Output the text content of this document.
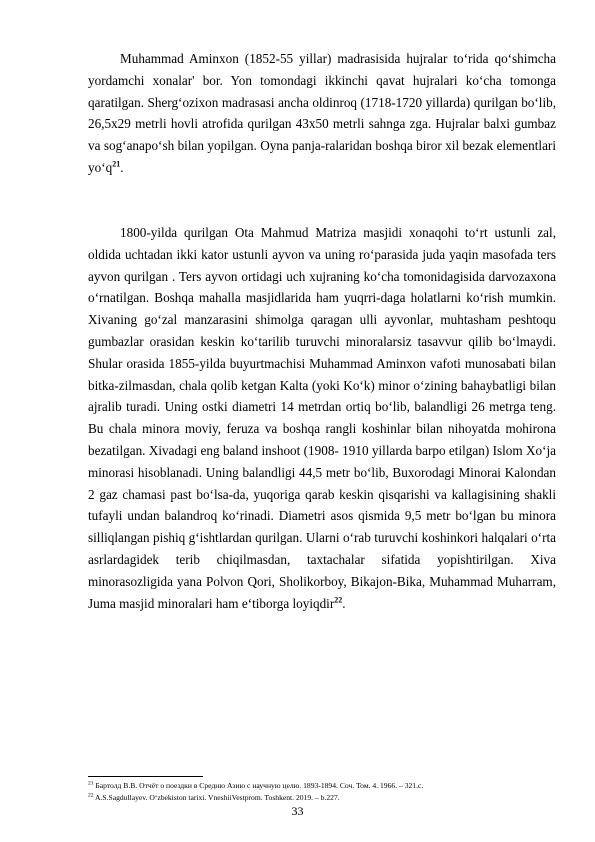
Muhammad Aminxon (1852-55 yillar) madrasisida hujralar to‘rida qo‘shimcha yordamchi xonalar' bor. Yon tomondagi ikkinchi qavat hujralari ko‘cha tomonga qaratilgan. Sherg‘ozixon madrasasi ancha oldinroq (1718-1720 yillarda) qurilgan bo‘lib, 26,5x29 metrli hovli atrofida qurilgan 43x50 metrli sahnga zga. Hujralar balxi gumbaz va sog‘anapo‘sh bilan yopilgan. Oyna panja-ralaridan boshqa biror xil bezak elementlari $yo‘q^{21}$.

1800-yilda qurilgan Ota Mahmud Matriza masjidi xonaqohi to‘rt ustunli zal, oldida uchtadan ikki kator ustunli ayvon va uning ro‘parasida juda yaqin masofada ters ayvon qurilgan . Ters ayvon ortidagi uch xujraning ko‘cha tomonidagisida darvozaxona o‘rnatilgan. Boshqa mahalla masjidlarida ham yuqrri-daga holatlarni ko‘rish mumkin. Xivaning go‘zal manzarasini shimolga qaragan ulli ayvonlar, muhtasham peshtoqu gumbazlar orasidan keskin ko‘tarilib turuvchi minoralarsiz tasavvur qilib bo‘lmaydi. Shular orasida 1855-yilda buyurtmachisi Muhammad Aminxon vafoti munosabati bilan bitka-zilmasdan, chala qolib ketgan Kalta (yoki Ko‘k) minor o‘zining bahaybatligi bilan ajralib turadi. Uning ostki diametri 14 metrdan ortiq bo‘lib, balandligi 26 metrga teng. Bu chala minora moviy, feruza va boshqa rangli koshinlar bilan nihoyatda mohirona bezatilgan. Xivadagi eng baland inshoot (1908- 1910 yillarda barpo etilgan) Islom Xo‘ja minorasi hisoblanadi. Uning balandligi 44,5 metr bo‘lib, Buxorodagi Minorai Kalondan 2 gaz chamasi past bo‘lsa-da, yuqoriga qarab keskin qisqarishi va kallagisining shakli tufayli undan balandroq ko‘rinadi. Diametri asos qismida 9,5 metr bo‘lgan bu minora silliqlangan pishiq g‘ishtlardan qurilgan. Ularni o‘rab turuvchi koshinkori halqalari o‘rta asrlardagidek terib chiqilmasdan, taxtachalar sifatida yopishtirilgan. Xiva minorasozligida yana Polvon Qori, Sholikorboy, Bikajon-Bika, Muhammad Muharram, Juma masjid minoralari ham e‘tiborga loyiqdir$^{22}$.

$^{21}$ Бартолд В.В. Отчёт о поездки в Средню Азию с научную целю. 1893-1894. Соч. Том. 4. 1966. – 321.с.
$^{22}$ A.S.Sagdullayev. O‘zbekiston tarixi. VneshiiVestprom. Toshkent. 2019. – b.227.
33
